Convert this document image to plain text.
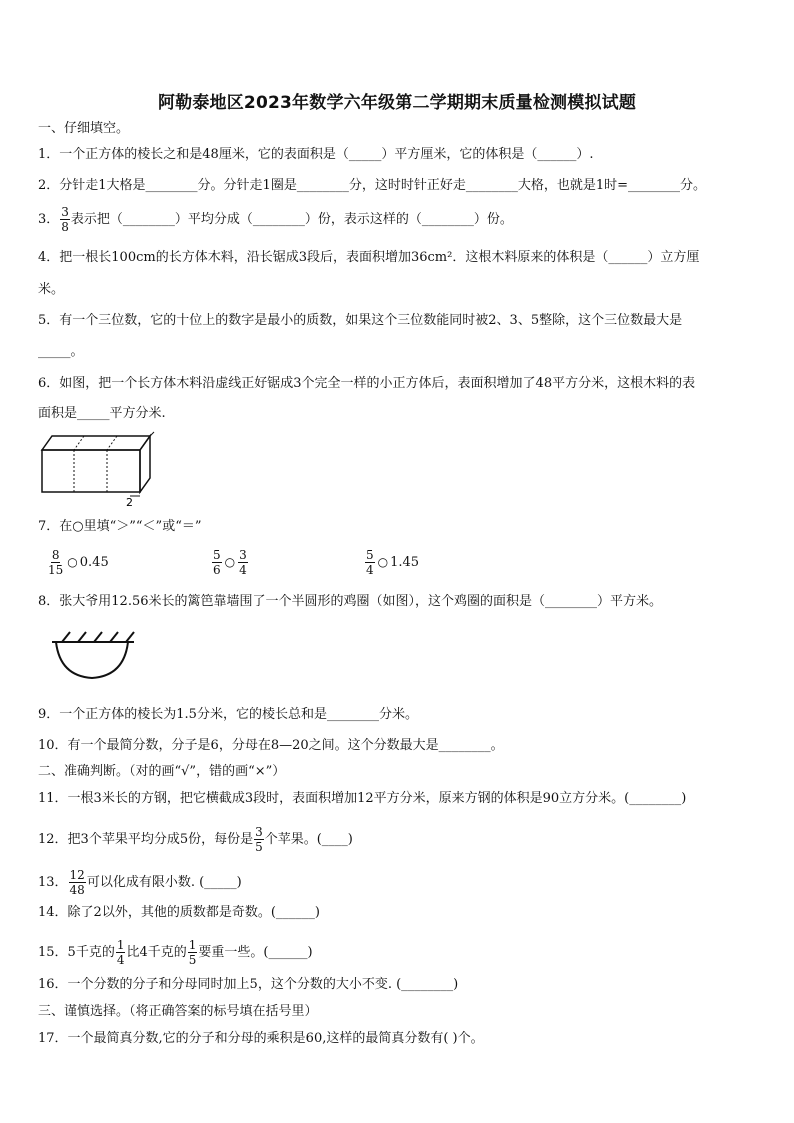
阿勒泰地区2023年数学六年级第二学期期末质量检测模拟试题
一、仔细填空。
1．一个正方体的棱长之和是48厘米，它的表面积是（_____）平方厘米，它的体积是（______）.
2．分针走1大格是________分。分针走1圈是________分，这时时针正好走________大格，也就是1时=________分。
3． $\frac{3}{8}$ 表示把（________）平均分成（________）份，表示这样的（________）份。
4．把一根长100cm的长方体木料，沿长锯成3段后，表面积增加36cm²．这根木料原来的体积是（______）立方厘
米。
5．有一个三位数，它的十位上的数字是最小的质数，如果这个三位数能同时被2、3、5整除，这个三位数最大是
_____。
6．如图，把一个长方体木料沿虚线正好锯成3个完全一样的小正方体后，表面积增加了48平方分米，这根木料的表
面积是_____平方分米.
2
7．在○里填“＞”“＜”或“＝”
$\frac{8}{15}$ ○ 0.45	$\frac{5}{6}$ ○ $\frac{3}{4}$	$\frac{5}{4}$ ○ 1.45
8．张大爷用12.56米长的篱笆靠墙围了一个半圆形的鸡圈（如图），这个鸡圈的面积是（________）平方米。
9．一个正方体的棱长为1.5分米，它的棱长总和是________分米。
10．有一个最简分数，分子是6，分母在8—20之间。这个分数最大是________。
二、准确判断。（对的画“√”，错的画“×”）
11．一根3米长的方钢，把它横截成3段时，表面积增加12平方分米，原来方钢的体积是90立方分米。(________)
12．把3个苹果平均分成5份，每份是 $\frac{3}{5}$ 个苹果。(____)
13． $\frac{12}{48}$ 可以化成有限小数. (_____)
14．除了2以外，其他的质数都是奇数。(______)
15．5千克的 $\frac{1}{4}$ 比4千克的 $\frac{1}{5}$ 要重一些。(______)
16．一个分数的分子和分母同时加上5，这个分数的大小不变. (________)
三、谨慎选择。（将正确答案的标号填在括号里）
17．一个最简真分数,它的分子和分母的乘积是60,这样的最简真分数有( )个。
